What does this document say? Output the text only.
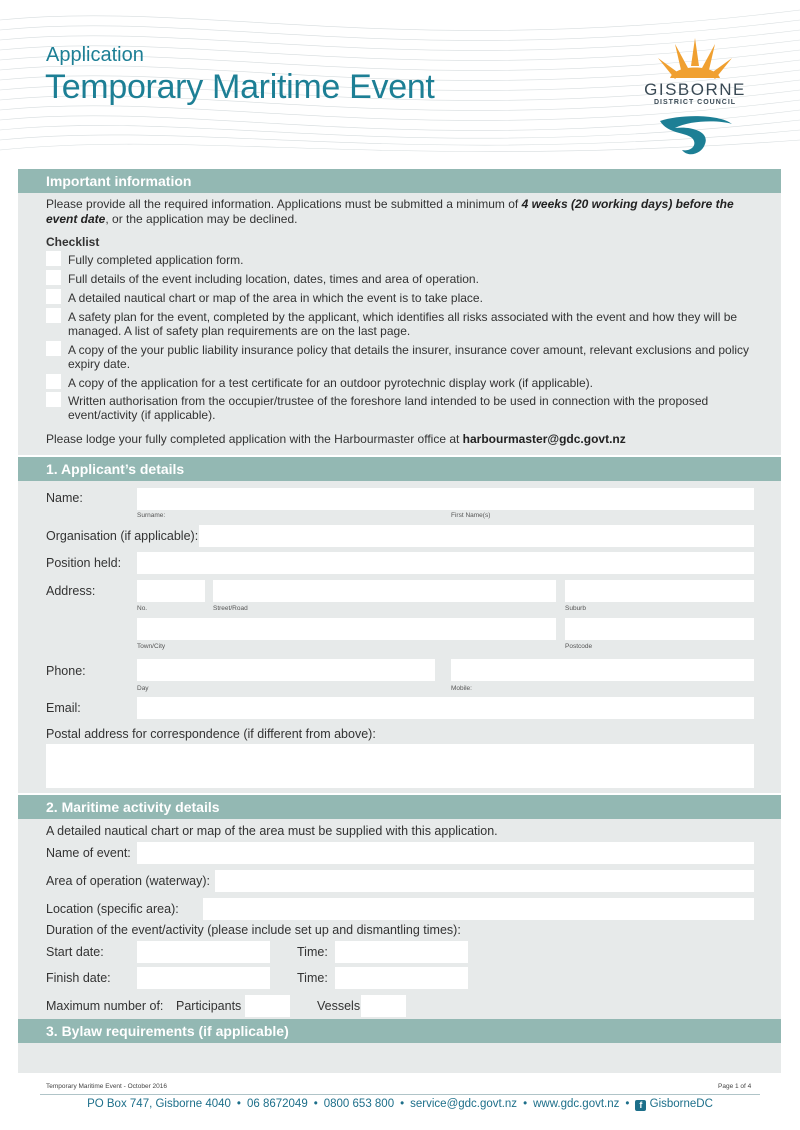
Application
Temporary Maritime Event	GISBORNE
DISTRICT COUNCIL
Important information
Please provide all the required information. Applications must be submitted a minimum of 4 weeks (20 working days) before the event date, or the application may be declined.
Checklist
Fully completed application form.
Full details of the event including location, dates, times and area of operation.
A detailed nautical chart or map of the area in which the event is to take place.
A safety plan for the event, completed by the applicant, which identifies all risks associated with the event and how they will be managed. A list of safety plan requirements are on the last page.
A copy of the your public liability insurance policy that details the insurer, insurance cover amount, relevant exclusions and policy expiry date.
A copy of the application for a test certificate for an outdoor pyrotechnic display work (if applicable).
Written authorisation from the occupier/trustee of the foreshore land intended to be used in connection with the proposed event/activity (if applicable).
Please lodge your fully completed application with the Harbourmaster office at harbourmaster@gdc.govt.nz
1. Applicant’s details
Name:
Surname:	First Name(s)
Organisation (if applicable):
Position held:
Address:
No.	Street/Road	Suburb
Town/City	Postcode
Phone:
Day	Mobile:
Email:
Postal address for correspondence (if different from above):
2. Maritime activity details
A detailed nautical chart or map of the area must be supplied with this application.
Name of event:
Area of operation (waterway):
Location (specific area):
Duration of the event/activity (please include set up and dismantling times):
Start date:	Time:
Finish date:	Time:
Maximum number of: Participants	Vessels
3. Bylaw requirements (if applicable)
Temporary Maritime Event - October 2016	Page 1 of 4
PO Box 747, Gisborne 4040 • 06 8672049 • 0800 653 800 • service@gdc.govt.nz • www.gdc.govt.nz • f GisborneDC
